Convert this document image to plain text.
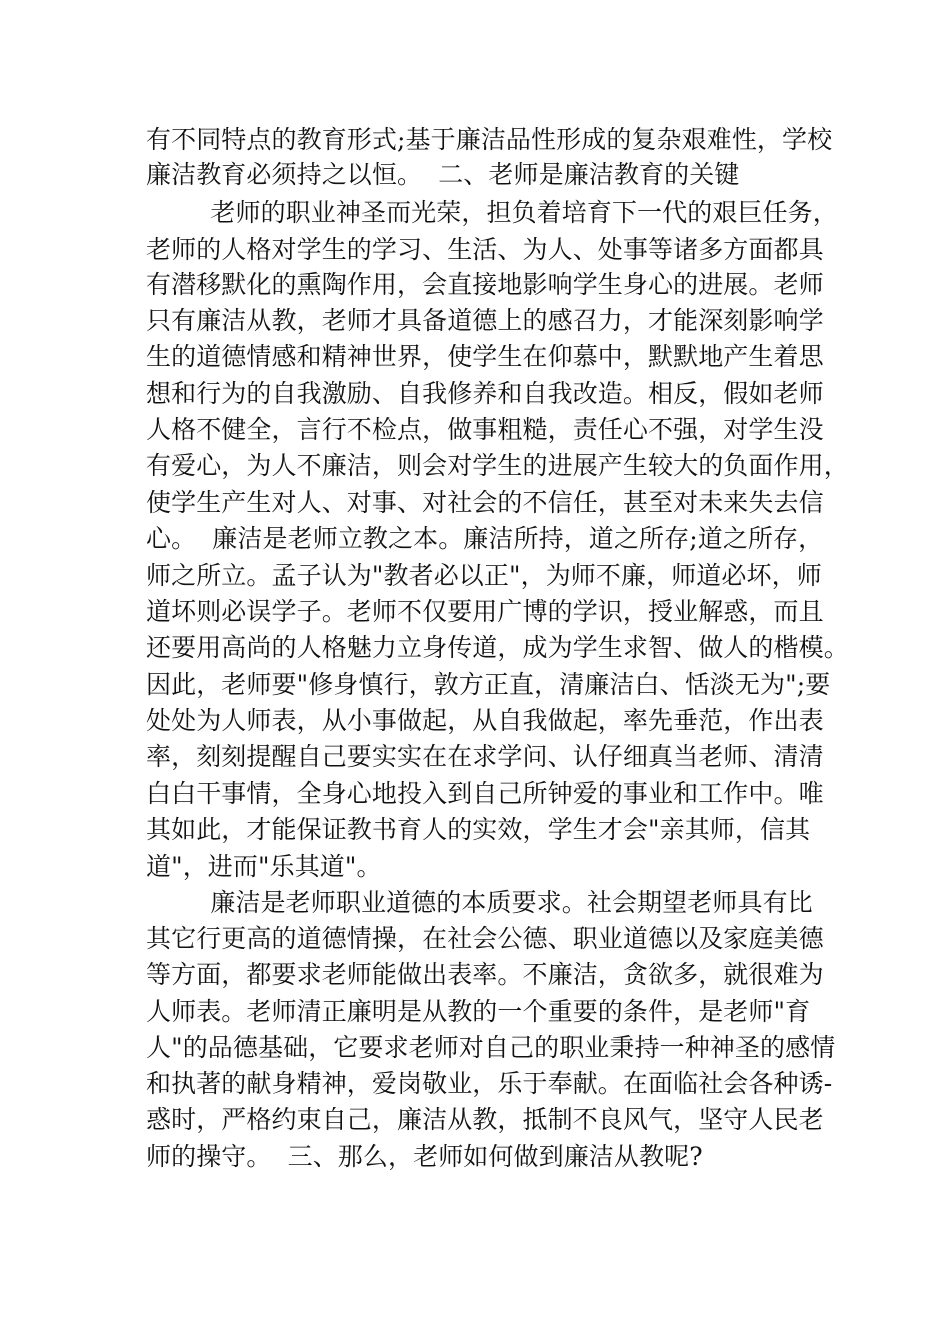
有不同特点的教育形式;基于廉洁品性形成的复杂艰难性，学校
廉洁教育必须持之以恒。  二、老师是廉洁教育的关键
老师的职业神圣而光荣，担负着培育下一代的艰巨任务，
老师的人格对学生的学习、生活、为人、处事等诸多方面都具
有潜移默化的熏陶作用，会直接地影响学生身心的进展。老师
只有廉洁从教，老师才具备道德上的感召力，才能深刻影响学
生的道德情感和精神世界，使学生在仰慕中，默默地产生着思
想和行为的自我激励、自我修养和自我改造。相反，假如老师
人格不健全，言行不检点，做事粗糙，责任心不强，对学生没
有爱心，为人不廉洁，则会对学生的进展产生较大的负面作用，
使学生产生对人、对事、对社会的不信任，甚至对未来失去信
心。  廉洁是老师立教之本。廉洁所持，道之所存;道之所存，
师之所立。孟子认为"教者必以正"，为师不廉，师道必坏，师
道坏则必误学子。老师不仅要用广博的学识，授业解惑，而且
还要用高尚的人格魅力立身传道，成为学生求智、做人的楷模。
因此，老师要"修身慎行，敦方正直，清廉洁白、恬淡无为";要
处处为人师表，从小事做起，从自我做起，率先垂范，作出表
率，刻刻提醒自己要实实在在求学问、认仔细真当老师、清清
白白干事情，全身心地投入到自己所钟爱的事业和工作中。唯
其如此，才能保证教书育人的实效，学生才会"亲其师，信其
道"，进而"乐其道"。
廉洁是老师职业道德的本质要求。社会期望老师具有比
其它行更高的道德情操，在社会公德、职业道德以及家庭美德
等方面，都要求老师能做出表率。不廉洁，贪欲多，就很难为
人师表。老师清正廉明是从教的一个重要的条件，是老师"育
人"的品德基础，它要求老师对自己的职业秉持一种神圣的感情
和执著的献身精神，爱岗敬业，乐于奉献。在面临社会各种诱-
惑时，严格约束自己，廉洁从教，抵制不良风气，坚守人民老
师的操守。  三、那么，老师如何做到廉洁从教呢?
